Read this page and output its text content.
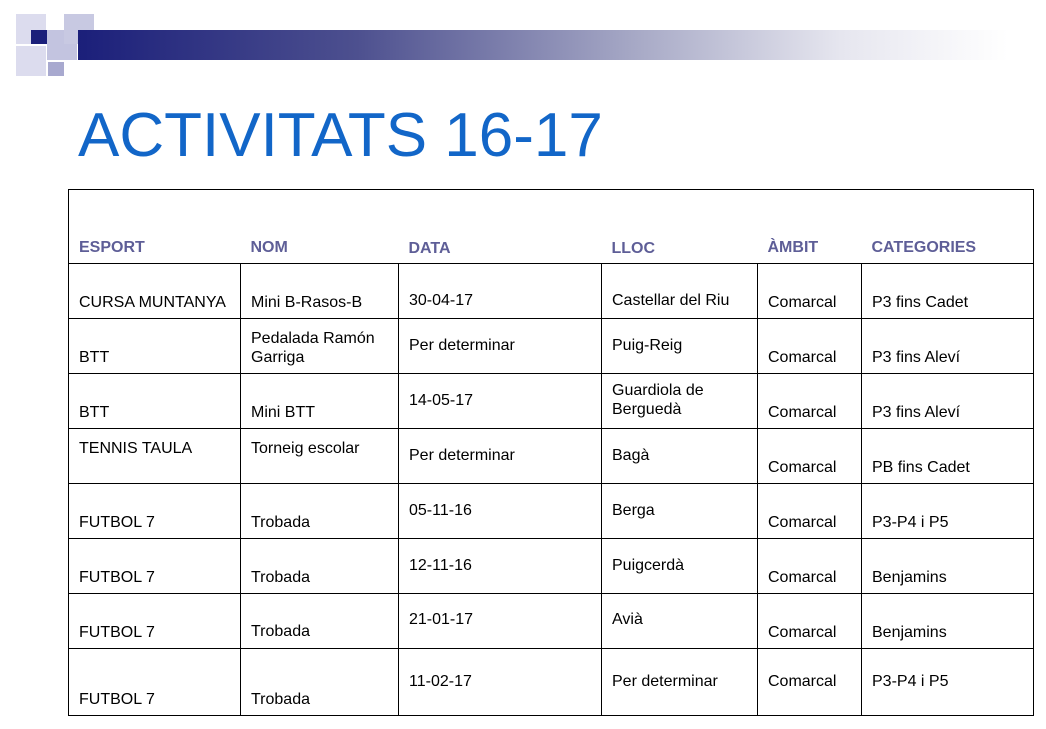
ACTIVITATS 16-17
ESPORT	NOM	DATA	LLOC	ÀMBIT	CATEGORIES

CURSA MUNTANYA	Mini B-Rasos-B	30-04-17	Castellar del Riu	Comarcal	P3 fins Cadet

BTT	Pedalada Ramón Garriga	Per determinar	Puig-Reig	Comarcal	P3 fins Aleví

BTT	Mini BTT	14-05-17	Guardiola de Berguedà	Comarcal	P3 fins Aleví

TENNIS TAULA	Torneig escolar	Per determinar	Bagà	Comarcal	PB fins Cadet

FUTBOL 7	Trobada	05-11-16	Berga	Comarcal	P3-P4 i P5

FUTBOL 7	Trobada	12-11-16	Puigcerdà	Comarcal	Benjamins

FUTBOL 7	Trobada	21-01-17	Avià	Comarcal	Benjamins

FUTBOL 7	Trobada	11-02-17	Per determinar	Comarcal	P3-P4 i P5
